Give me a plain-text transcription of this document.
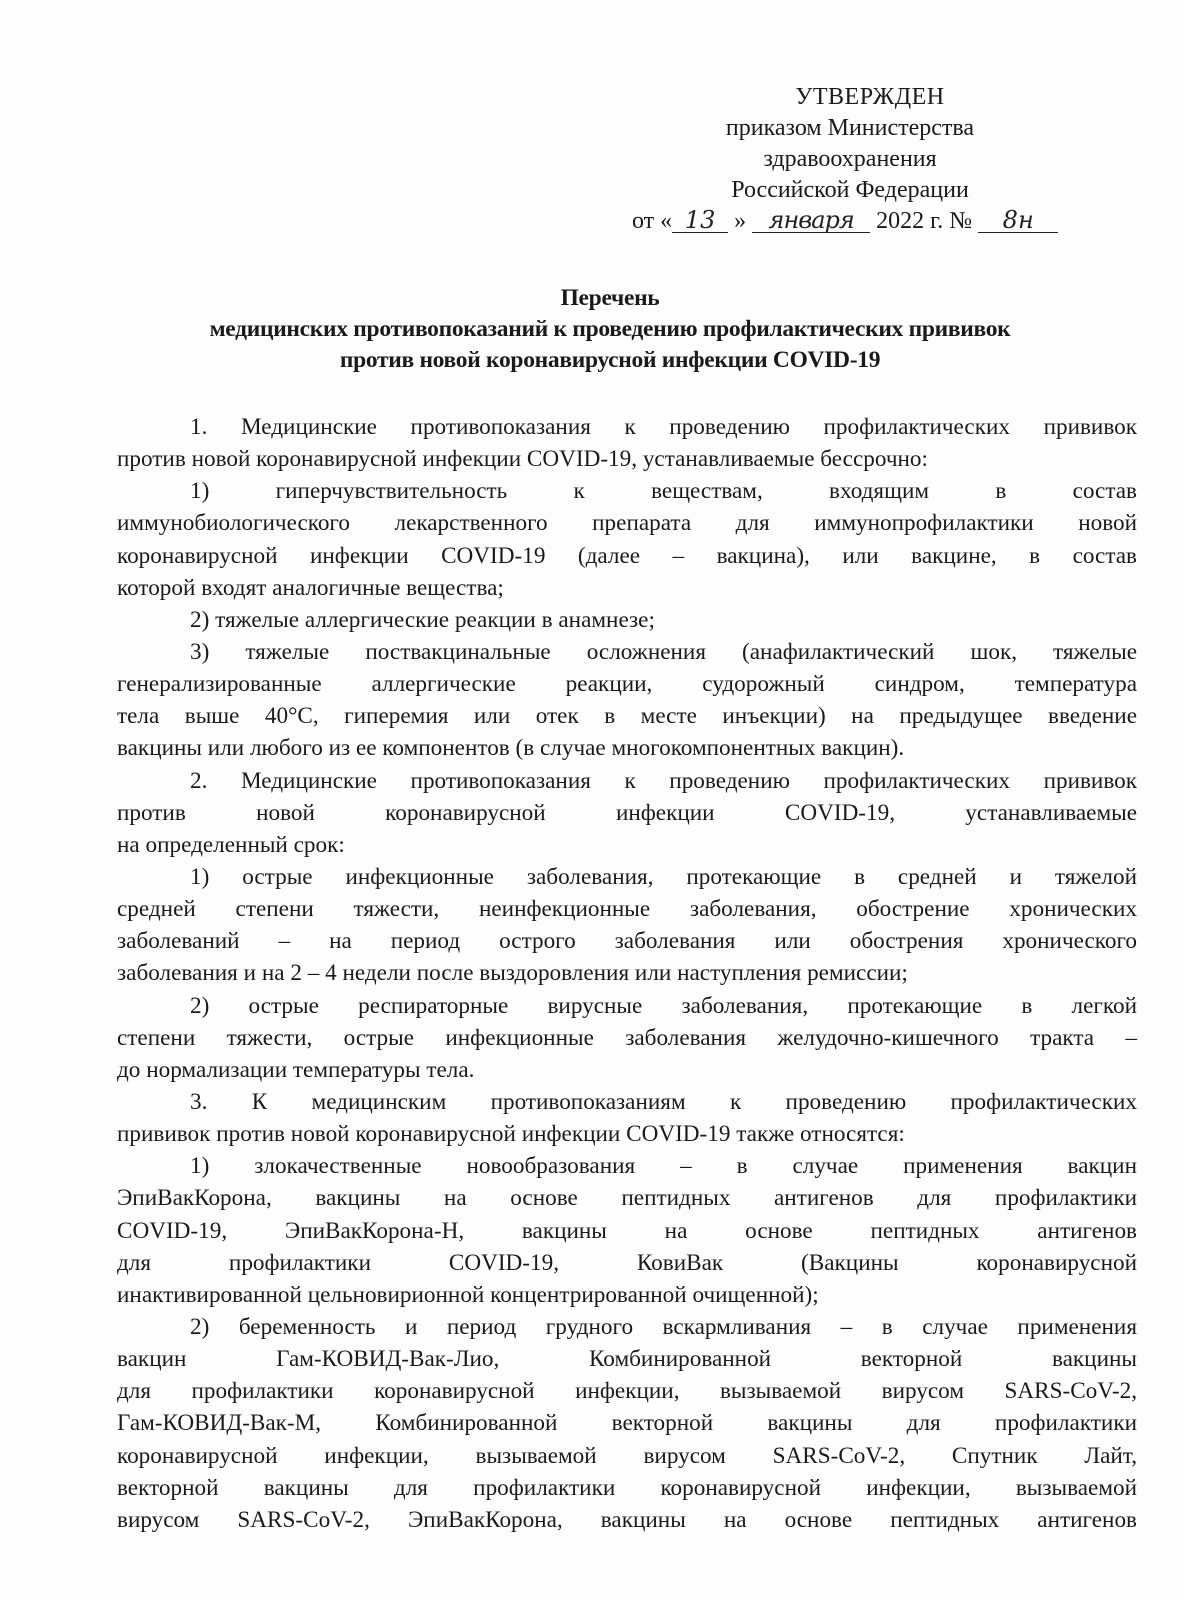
УТВЕРЖДЕН
приказом Министерства
здравоохранения
Российской Федерации
от « 13 » января 2022 г. № 8н
Перечень
медицинских противопоказаний к проведению профилактических прививок
против новой коронавирусной инфекции COVID-19
1. Медицинские противопоказания к проведению профилактических прививок
против новой коронавирусной инфекции COVID-19, устанавливаемые бессрочно:
1) гиперчувствительность к веществам, входящим в состав
иммунобиологического лекарственного препарата для иммунопрофилактики новой
коронавирусной инфекции COVID-19 (далее – вакцина), или вакцине, в состав
которой входят аналогичные вещества;
2) тяжелые аллергические реакции в анамнезе;
3) тяжелые поствакцинальные осложнения (анафилактический шок, тяжелые
генерализированные аллергические реакции, судорожный синдром, температура
тела выше 40°C, гиперемия или отек в месте инъекции) на предыдущее введение
вакцины или любого из ее компонентов (в случае многокомпонентных вакцин).
2. Медицинские противопоказания к проведению профилактических прививок
против новой коронавирусной инфекции COVID-19, устанавливаемые
на определенный срок:
1) острые инфекционные заболевания, протекающие в средней и тяжелой
средней степени тяжести, неинфекционные заболевания, обострение хронических
заболеваний – на период острого заболевания или обострения хронического
заболевания и на 2 – 4 недели после выздоровления или наступления ремиссии;
2) острые респираторные вирусные заболевания, протекающие в легкой
степени тяжести, острые инфекционные заболевания желудочно-кишечного тракта –
до нормализации температуры тела.
3. К медицинским противопоказаниям к проведению профилактических
прививок против новой коронавирусной инфекции COVID-19 также относятся:
1) злокачественные новообразования – в случае применения вакцин
ЭпиВакКорона, вакцины на основе пептидных антигенов для профилактики
COVID-19, ЭпиВакКорона-Н, вакцины на основе пептидных антигенов
для профилактики COVID-19, КовиВак (Вакцины коронавирусной
инактивированной цельновирионной концентрированной очищенной);
2) беременность и период грудного вскармливания – в случае применения
вакцин Гам-КОВИД-Вак-Лио, Комбинированной векторной вакцины
для профилактики коронавирусной инфекции, вызываемой вирусом SARS-CoV-2,
Гам-КОВИД-Вак-М, Комбинированной векторной вакцины для профилактики
коронавирусной инфекции, вызываемой вирусом SARS-CoV-2, Спутник Лайт,
векторной вакцины для профилактики коронавирусной инфекции, вызываемой
вирусом SARS-CoV-2, ЭпиВакКорона, вакцины на основе пептидных антигенов
